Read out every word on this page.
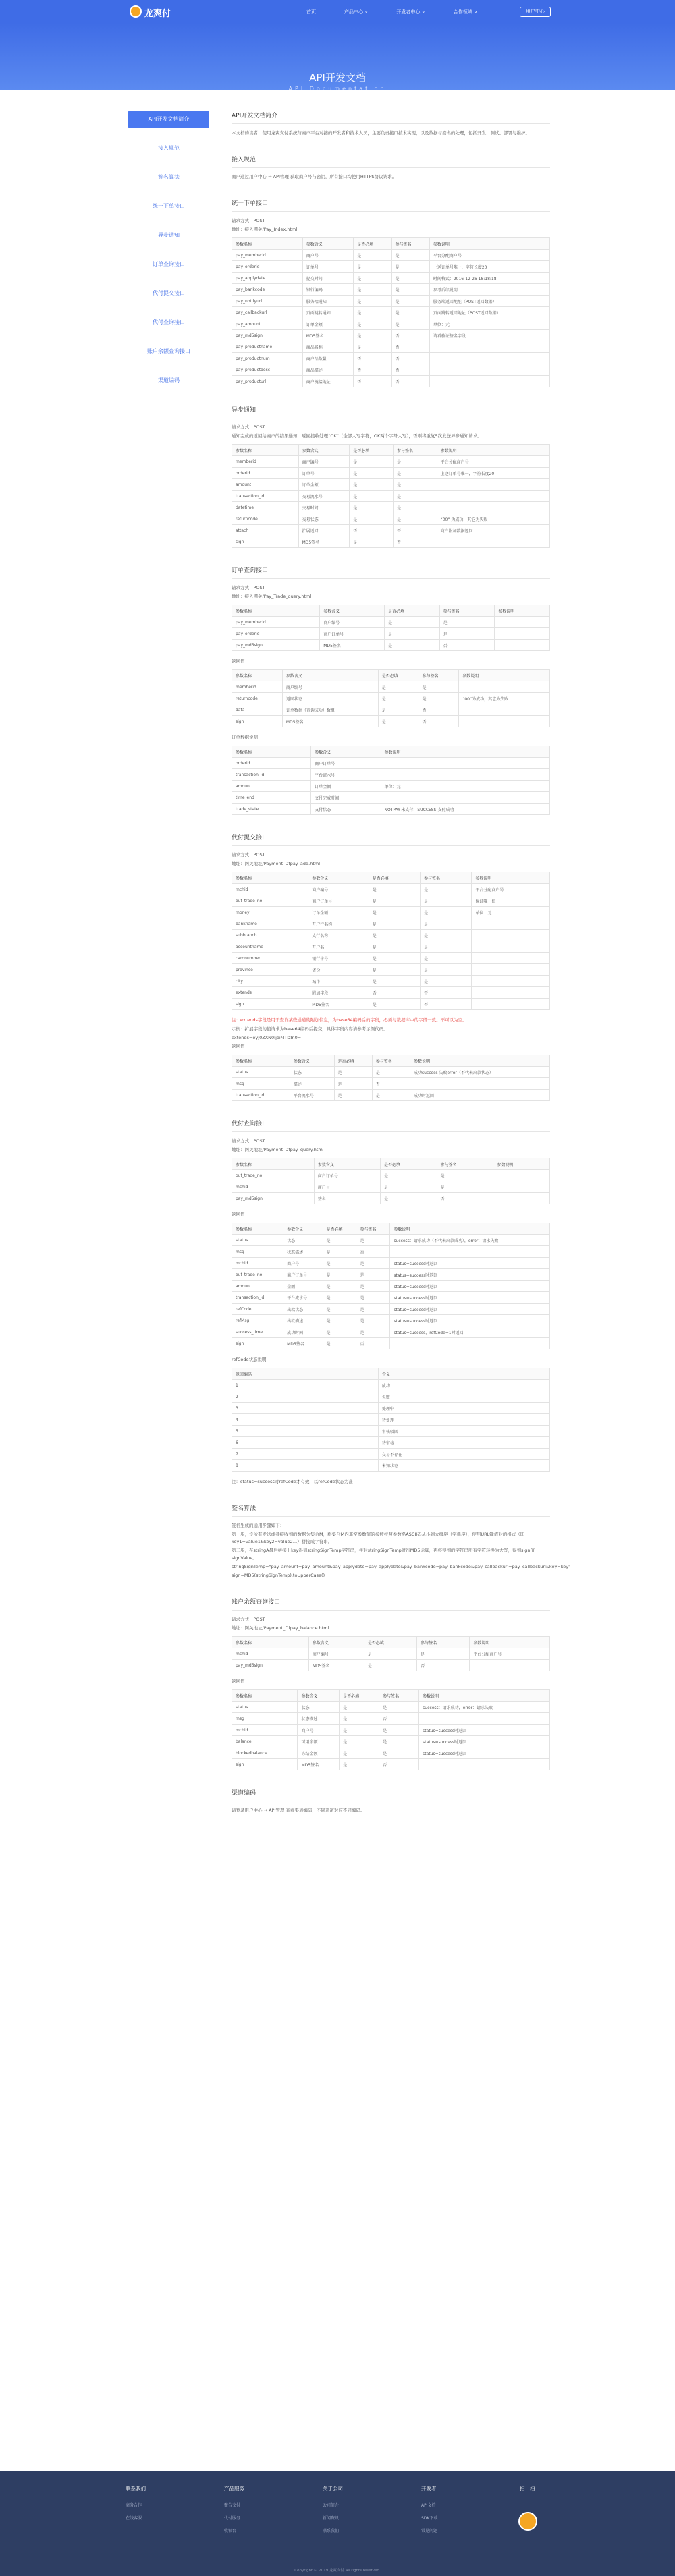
龙爽付	首页	产品中心 ∨	开发者中心 ∨	合作领域 ∨	用户中心
API开发文档
API Documentation
API开发文档简介
接入规范
签名算法
统一下单接口
异步通知
订单查询接口
代付提交接口
代付查询接口
账户余额查询接口
渠道编码
API开发文档简介
本文档的读者：使用龙爽支付系统与商户平台对接的开发者和技术人员，主要负责接口技术实现，以及数据与签名的处理，包括开发、测试、部署与维护。
接入规范
商户通过用户中心 → API管理 获取商户号与密钥，所有接口均使用HTTPS协议请求。
统一下单接口
请求方式：POST
地址：接入网关/Pay_Index.html
参数名称	参数含义	是否必填	参与签名	参数说明
pay_memberid	商户号	是	是	平台分配商户号
pay_orderid	订单号	是	是	上送订单号唯一，字符长度20
pay_applydate	提交时间	是	是	时间格式：2016-12-26 18:18:18
pay_bankcode	银行编码	是	是	参考后续说明
pay_notifyurl	服务端通知	是	是	服务端返回地址（POST返回数据）
pay_callbackurl	页面跳转通知	是	是	页面跳转返回地址（POST返回数据）
pay_amount	订单金额	是	是	单位：元
pay_md5sign	MD5签名	是	否	请看验证签名字段
pay_productname	商品名称	是	否	
pay_productnum	商户品数量	否	否	
pay_productdesc	商品描述	否	否	
pay_producturl	商户链接地址	否	否	
异步通知
请求方式：POST
通知完成的返回给商户的结果通知，返回接收处理“OK”（全部大写字符，OK两个字母大写），否则将重复5次发送异步通知请求。
参数名称	参数含义	是否必填	参与签名	参数说明
memberid	商户编号	是	是	平台分配商户号
orderid	订单号	是	是	上送订单号唯一，字符长度20
amount	订单金额	是	是	
transaction_id	交易流水号	是	是	
datetime	交易时间	是	是	
returncode	交易状态	是	是	“00” 为成功，其它为失败
attach	扩展返回	否	否	商户附加数据返回
sign	MD5签名	是	否	
订单查询接口
请求方式：POST
地址：接入网关/Pay_Trade_query.html
参数名称	参数含义	是否必填	参与签名	参数说明
pay_memberid	商户编号	是	是	
pay_orderid	商户订单号	是	是	
pay_md5sign	MD5签名	是	否	
返回值
参数名称	参数含义	是否必填	参与签名	参数说明
memberid	商户编号	是	是	
returncode	返回状态	是	是	“00”为成功，其它为失败
data	订单数据（查询成功）数组	是	否	
sign	MD5签名	是	否	
订单数据说明
参数名称	参数含义	参数说明
orderid	商户订单号	
transaction_id	平台流水号	
amount	订单金额	单位：元
time_end	支付完成时间	
trade_state	支付状态	NOTPAY-未支付，SUCCESS-支付成功
代付提交接口
请求方式：POST
地址：网关地址/Payment_Dfpay_add.html
参数名称	参数含义	是否必填	参与签名	参数说明
mchid	商户编号	是	是	平台分配商户号
out_trade_no	商户订单号	是	是	保证唯一值
money	订单金额	是	是	单位：元
bankname	开户行名称	是	是	
subbranch	支行名称	是	是	
accountname	开户名	是	是	
cardnumber	银行卡号	是	是	
province	省份	是	是	
city	城市	是	是	
extends	附加字段	否	否	
sign	MD5签名	是	否	
注：extends字段是用于查询某些通道的附加信息，为base64编码后的字段，必须与数据库中的字段一致。不可以为空。
示例：扩展字段的值请求为base64编码后提交，具体字段内容请参考示例代码。
extends=eyJ0ZXN0IjoiMTIzIn0=
返回值
参数名称	参数含义	是否必填	参与签名	参数说明
status	状态	是	是	成功success 失败error（不代表出款状态）
msg	描述	是	否	
transaction_id	平台流水号	是	是	成功时返回
代付查询接口
请求方式：POST
地址：网关地址/Payment_Dfpay_query.html
参数名称	参数含义	是否必填	参与签名	参数说明
out_trade_no	商户订单号	是	是	
mchid	商户号	是	是	
pay_md5sign	签名	是	否	
返回值
参数名称	参数含义	是否必填	参与签名	参数说明
status	状态	是	是	success：请求成功（不代表出款成功），error：请求失败
msg	状态描述	是	否	
mchid	商户号	是	是	status=success时返回
out_trade_no	商户订单号	是	是	status=success时返回
amount	金额	是	是	status=success时返回
transaction_id	平台流水号	是	是	status=success时返回
refCode	出款状态	是	是	status=success时返回
refMsg	出款描述	是	是	status=success时返回
success_time	成功时间	是	是	status=success，refCode=1时返回
sign	MD5签名	是	否	
refCode状态说明
返回编码	含义
1	成功
2	失败
3	处理中
4	待处理
5	审核驳回
6	待审核
7	交易不存在
8	未知状态
注：status=success时refCode才有效，以refCode状态为准
签名算法
签名生成的通用步骤如下：
第一步，设所有发送或者接收到的数据为集合M，将集合M内非空参数值的参数按照参数名ASCII码从小到大排序（字典序），使用URL键值对的格式（即key1=value1&key2=value2…）拼接成字符串。
第二步，在stringA最后拼接上key得到stringSignTemp字符串，并对stringSignTemp进行MD5运算，再将得到的字符串所有字符转换为大写，得到sign值signValue。
stringSignTemp="pay_amount=pay_amount&pay_applydate=pay_applydate&pay_bankcode=pay_bankcode&pay_callbackurl=pay_callbackurl&key=key"
sign=MD5(stringSignTemp).toUpperCase()
账户余额查询接口
请求方式：POST
地址：网关地址/Payment_Dfpay_balance.html
参数名称	参数含义	是否必填	参与签名	参数说明
mchid	商户编号	是	是	平台分配商户号
pay_md5sign	MD5签名	是	否	
返回值
参数名称	参数含义	是否必填	参与签名	参数说明
status	状态	是	是	success：请求成功，error：请求失败
msg	状态描述	是	否	
mchid	商户号	是	是	status=success时返回
balance	可用余额	是	是	status=success时返回
blockedbalance	冻结金额	是	是	status=success时返回
sign	MD5签名	是	否	
渠道编码
请登录用户中心 → API管理 查看渠道编码，不同通道对应不同编码。
联系我们
商务合作
在线客服
产品服务
聚合支付
代付服务
收银台
关于公司
公司简介
新闻资讯
联系我们
开发者
API文档
SDK下载
常见问题
扫一扫
Copyright © 2019 龙爽支付 All rights reserved.
